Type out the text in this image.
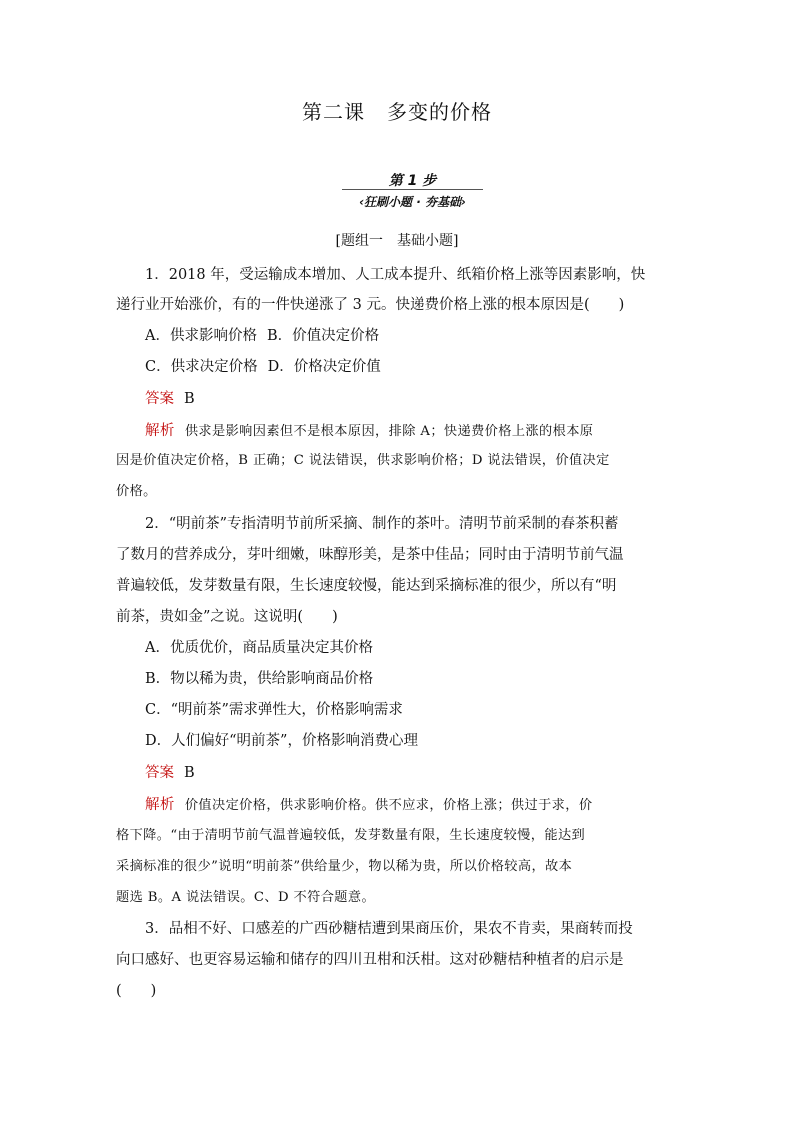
第二课 多变的价格
第 1 步
‹狂刷小题 · 夯基础›
[题组一 基础小题]
1．2018 年，受运输成本增加、人工成本提升、纸箱价格上涨等因素影响，快
递行业开始涨价，有的一件快递涨了 3 元。快递费价格上涨的根本原因是(　　)
A．供求影响价格 B．价值决定价格
C．供求决定价格 D．价格决定价值
答案 B
解析 供求是影响因素但不是根本原因，排除 A；快递费价格上涨的根本原
因是价值决定价格，B 正确；C 说法错误，供求影响价格；D 说法错误，价值决定
价格。
2．“明前茶”专指清明节前所采摘、制作的茶叶。清明节前采制的春茶积蓄
了数月的营养成分，芽叶细嫩，味醇形美，是茶中佳品；同时由于清明节前气温
普遍较低，发芽数量有限，生长速度较慢，能达到采摘标准的很少，所以有“明
前茶，贵如金”之说。这说明(　　)
A．优质优价，商品质量决定其价格
B．物以稀为贵，供给影响商品价格
C．“明前茶”需求弹性大，价格影响需求
D．人们偏好“明前茶”，价格影响消费心理
答案 B
解析 价值决定价格，供求影响价格。供不应求，价格上涨；供过于求，价
格下降。“由于清明节前气温普遍较低，发芽数量有限，生长速度较慢，能达到
采摘标准的很少”说明“明前茶”供给量少，物以稀为贵，所以价格较高，故本
题选 B。A 说法错误。C、D 不符合题意。
3．品相不好、口感差的广西砂糖桔遭到果商压价，果农不肯卖，果商转而投
向口感好、也更容易运输和储存的四川丑柑和沃柑。这对砂糖桔种植者的启示是
(　　)
